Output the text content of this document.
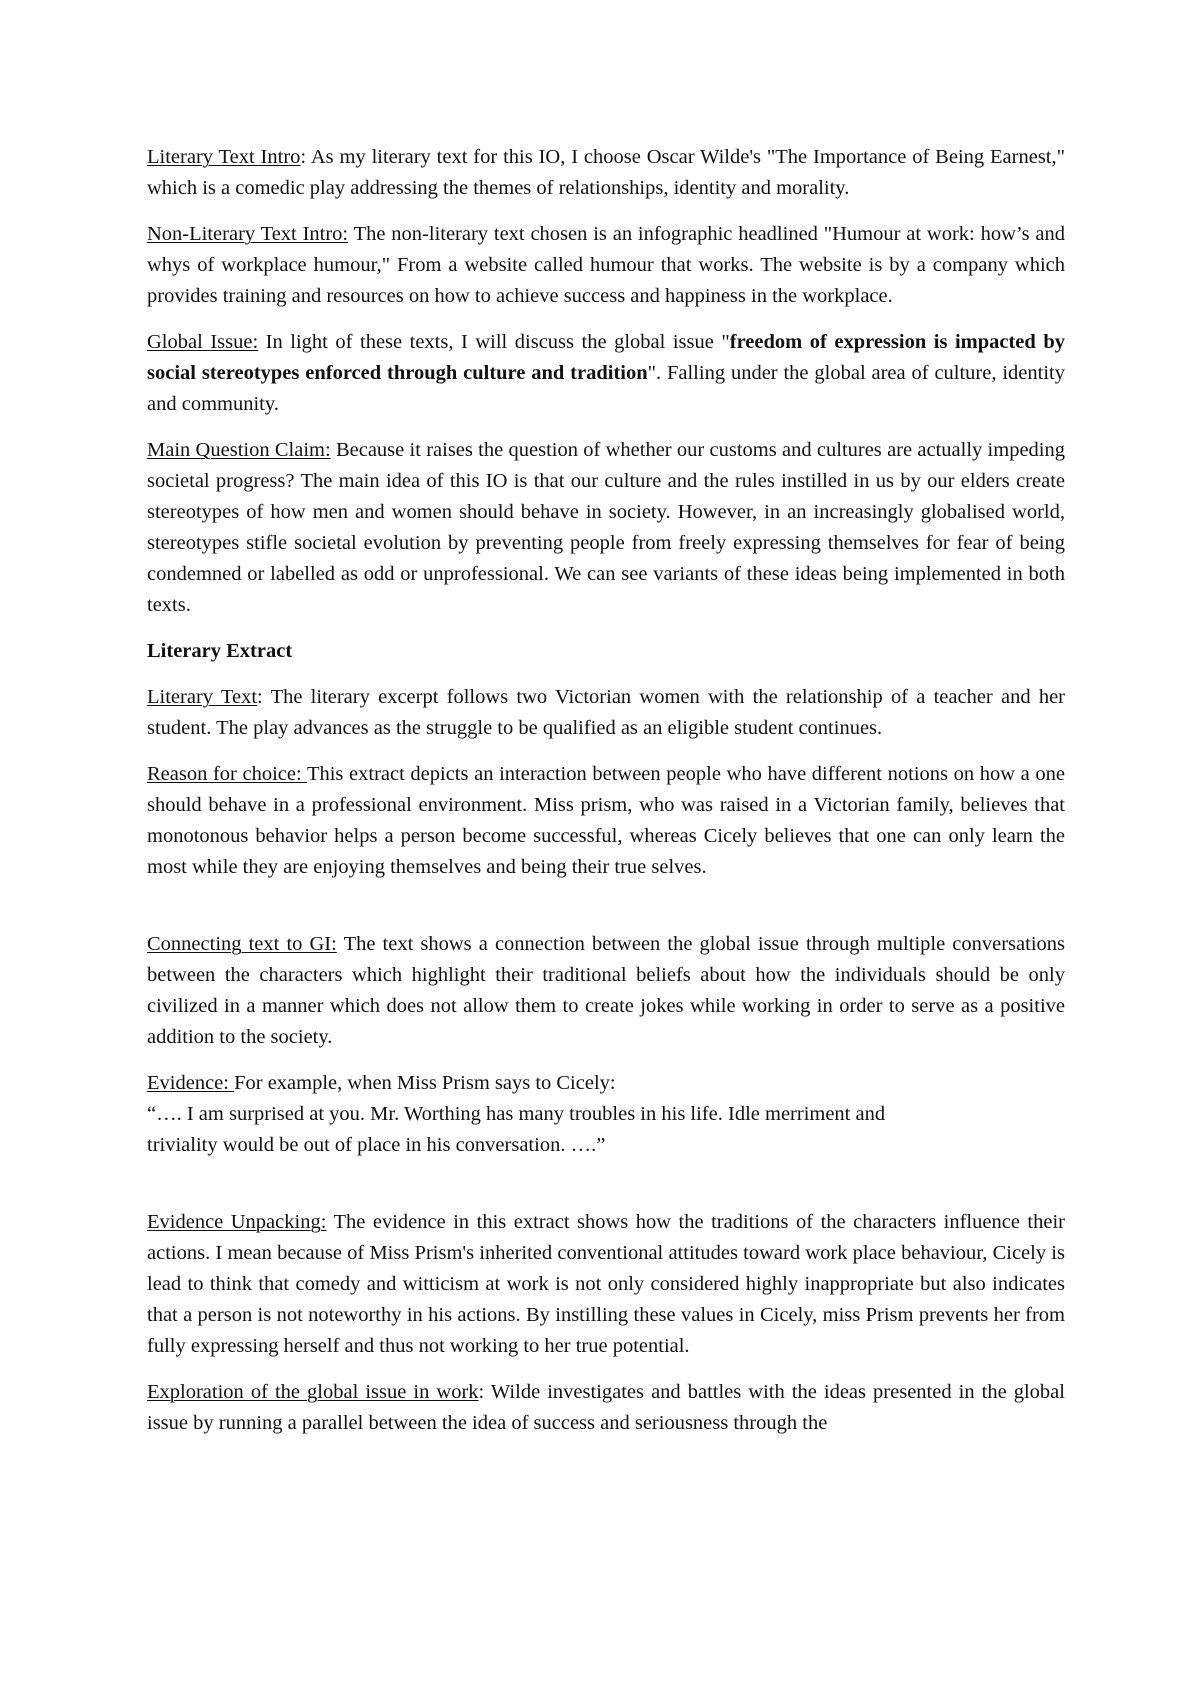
Literary Text Intro: As my literary text for this IO, I choose Oscar Wilde's "The Importance of Being Earnest," which is a comedic play addressing the themes of relationships, identity and morality.

Non-Literary Text Intro: The non-literary text chosen is an infographic headlined "Humour at work: how’s and whys of workplace humour," From a website called humour that works. The website is by a company which provides training and resources on how to achieve success and happiness in the workplace.

Global Issue: In light of these texts, I will discuss the global issue "freedom of expression is impacted by social stereotypes enforced through culture and tradition". Falling under the global area of culture, identity and community.

Main Question Claim: Because it raises the question of whether our customs and cultures are actually impeding societal progress? The main idea of this IO is that our culture and the rules instilled in us by our elders create stereotypes of how men and women should behave in society. However, in an increasingly globalised world, stereotypes stifle societal evolution by preventing people from freely expressing themselves for fear of being condemned or labelled as odd or unprofessional. We can see variants of these ideas being implemented in both texts.

Literary Extract

Literary Text: The literary excerpt follows two Victorian women with the relationship of a teacher and her student. The play advances as the struggle to be qualified as an eligible student continues.

Reason for choice: This extract depicts an interaction between people who have different notions on how a one should behave in a professional environment. Miss prism, who was raised in a Victorian family, believes that monotonous behavior helps a person become successful, whereas Cicely believes that one can only learn the most while they are enjoying themselves and being their true selves.

Connecting text to GI: The text shows a connection between the global issue through multiple conversations between the characters which highlight their traditional beliefs about how the individuals should be only civilized in a manner which does not allow them to create jokes while working in order to serve as a positive addition to the society.

Evidence: For example, when Miss Prism says to Cicely:
“…. I am surprised at you. Mr. Worthing has many troubles in his life. Idle merriment and
triviality would be out of place in his conversation. ….”

Evidence Unpacking: The evidence in this extract shows how the traditions of the characters influence their actions. I mean because of Miss Prism's inherited conventional attitudes toward work place behaviour, Cicely is lead to think that comedy and witticism at work is not only considered highly inappropriate but also indicates that a person is not noteworthy in his actions. By instilling these values in Cicely, miss Prism prevents her from fully expressing herself and thus not working to her true potential.

Exploration of the global issue in work: Wilde investigates and battles with the ideas presented in the global issue by running a parallel between the idea of success and seriousness through the
